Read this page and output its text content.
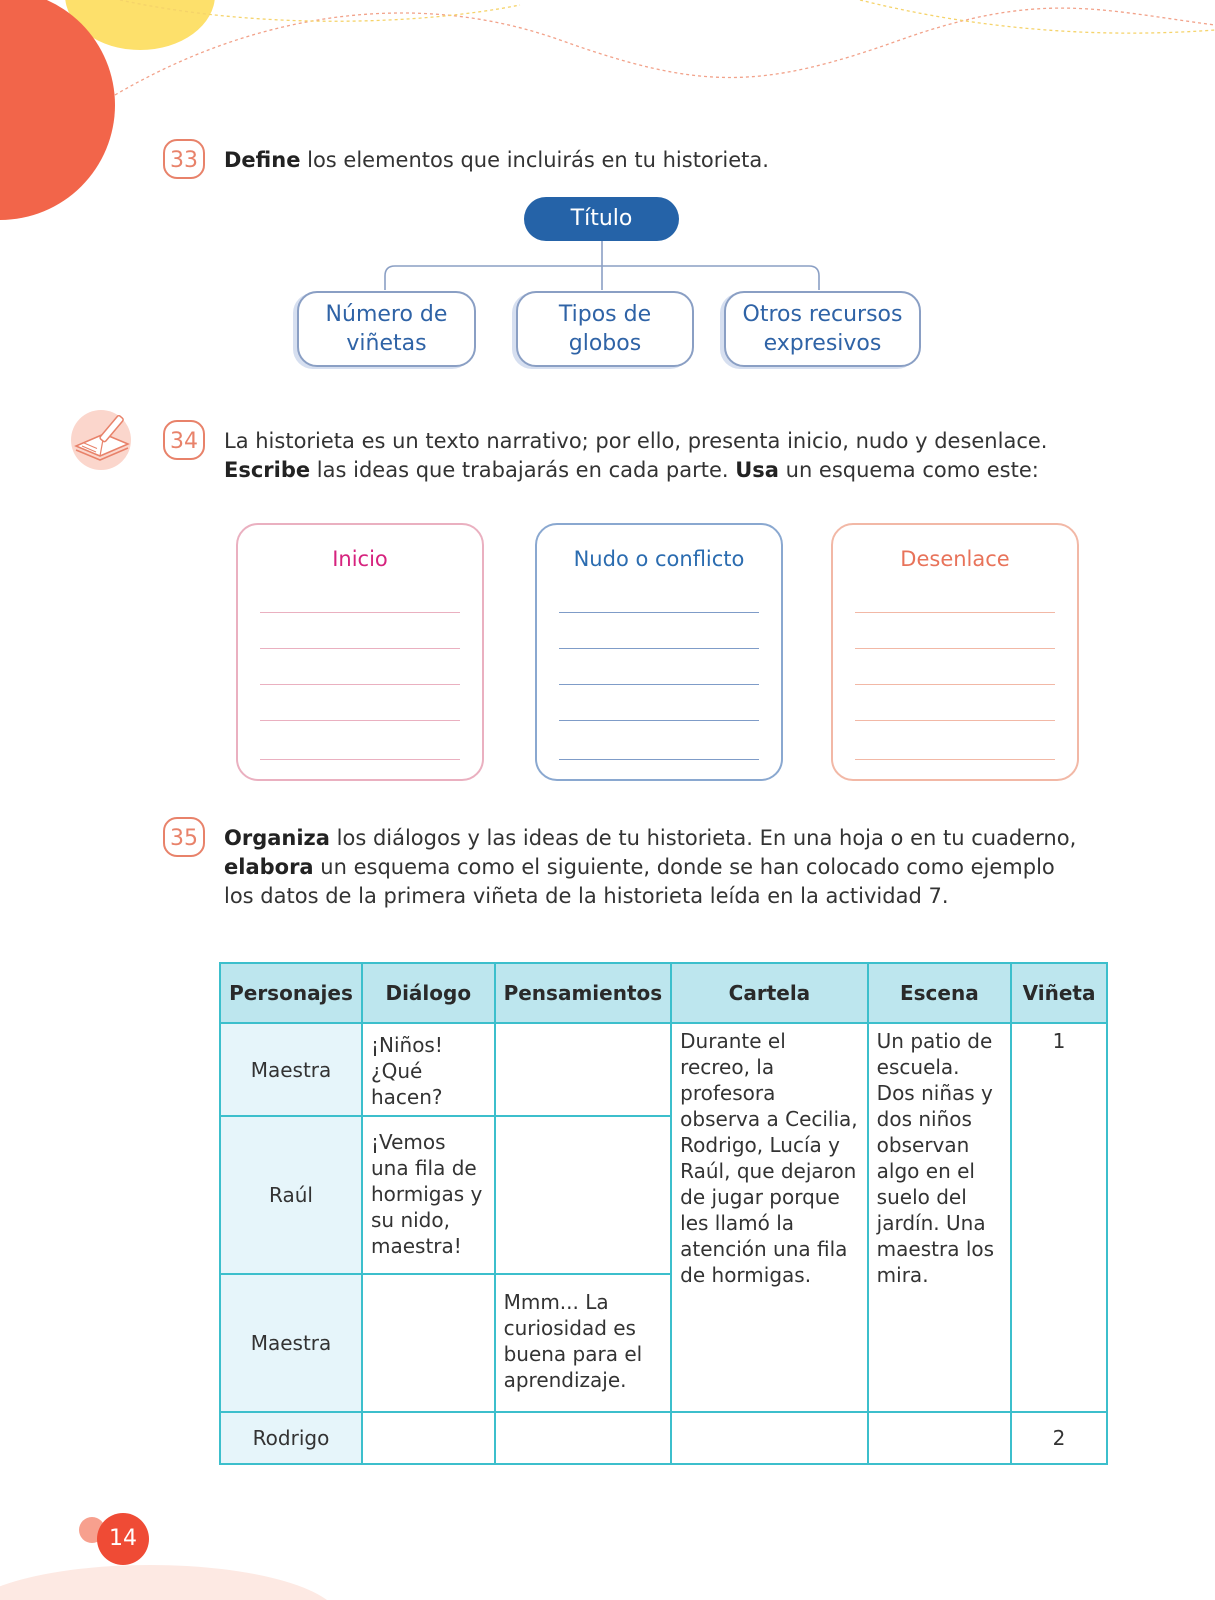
33	Define los elementos que incluirás en tu historieta.
Título
Número de
viñetas
Tipos de
globos
Otros recursos
expresivos
34	La historieta es un texto narrativo; por ello, presenta inicio, nudo y desenlace.
Escribe las ideas que trabajarás en cada parte. Usa un esquema como este:
Inicio	Nudo o conflicto	Desenlace
35	Organiza los diálogos y las ideas de tu historieta. En una hoja o en tu cuaderno,
elabora un esquema como el siguiente, donde se han colocado como ejemplo
los datos de la primera viñeta de la historieta leída en la actividad 7.
Personajes	Diálogo	Pensamientos	Cartela	Escena	Viñeta
Maestra	¡Niños! ¿Qué hacen?		Durante el recreo, la profesora observa a Cecilia, Rodrigo, Lucía y Raúl, que dejaron de jugar porque les llamó la atención una fila de hormigas.	Un patio de escuela. Dos niñas y dos niños observan algo en el suelo del jardín. Una maestra los mira.	1
Raúl	¡Vemos una fila de hormigas y su nido, maestra!				
Maestra		Mmm... La curiosidad es buena para el aprendizaje.			
Rodrigo					2
14
